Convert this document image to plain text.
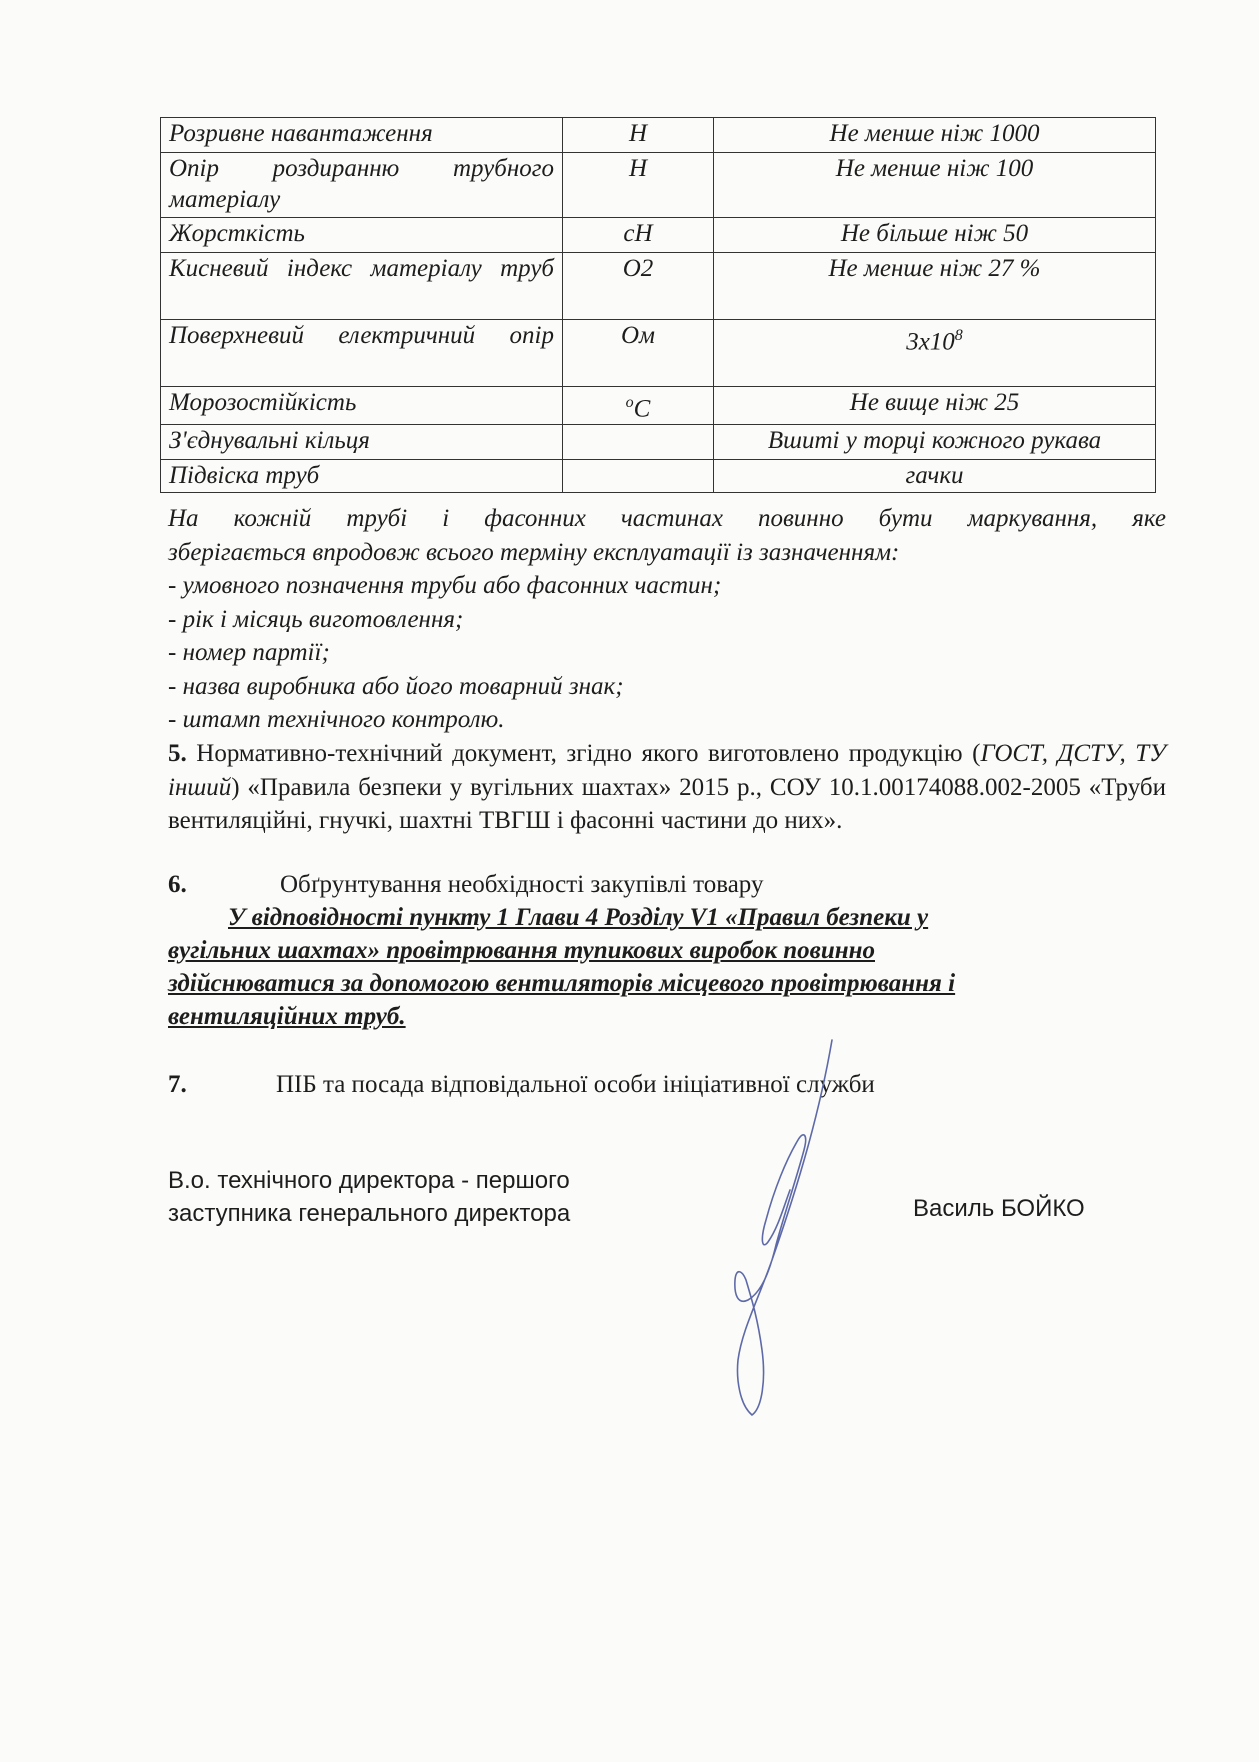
Розривне навантаження	Н	Не менше ніж 1000
Опір роздиранню трубного матеріалу	Н	Не менше ніж 100
Жорсткість	сН	Не більше ніж 50
Кисневий індекс матеріалу труб	О2	Не менше ніж 27 %
Поверхневий електричний опір	Ом	$3х10^8$
Морозостійкість	$^о$С	Не вище ніж 25
З'єднувальні кільця		Вшиті у торці кожного рукава
Підвіска труб		гачки

На кожній трубі і фасонних частинах повинно бути маркування, яке

зберігається впродовж всього терміну експлуатації із зазначенням:

- умовного позначення труби або фасонних частин;

- рік і місяць виготовлення;

- номер партії;

- назва виробника або його товарний знак;

- штамп технічного контролю.

5. Нормативно-технічний документ, згідно якого виготовлено продукцію (ГОСТ, ДСТУ, ТУ інший) «Правила безпеки у вугільних шахтах» 2015 р., СОУ 10.1.00174088.002-2005 «Труби вентиляційні, гнучкі, шахтні ТВГШ і фасонні частини до них».
6.	Обґрунтування необхідності закупівлі товару

У відповідності пункту 1 Глави 4 Розділу V1 «Правил безпеки у

вугільних шахтах» провітрювання тупикових виробок повинно

здійснюватися за допомогою вентиляторів місцевого провітрювання і

вентиляційних труб.

7.	ПІБ та посада відповідальної особи ініціативної служби
В.о. технічного директора - першого
заступника генерального директора	Василь БОЙКО
